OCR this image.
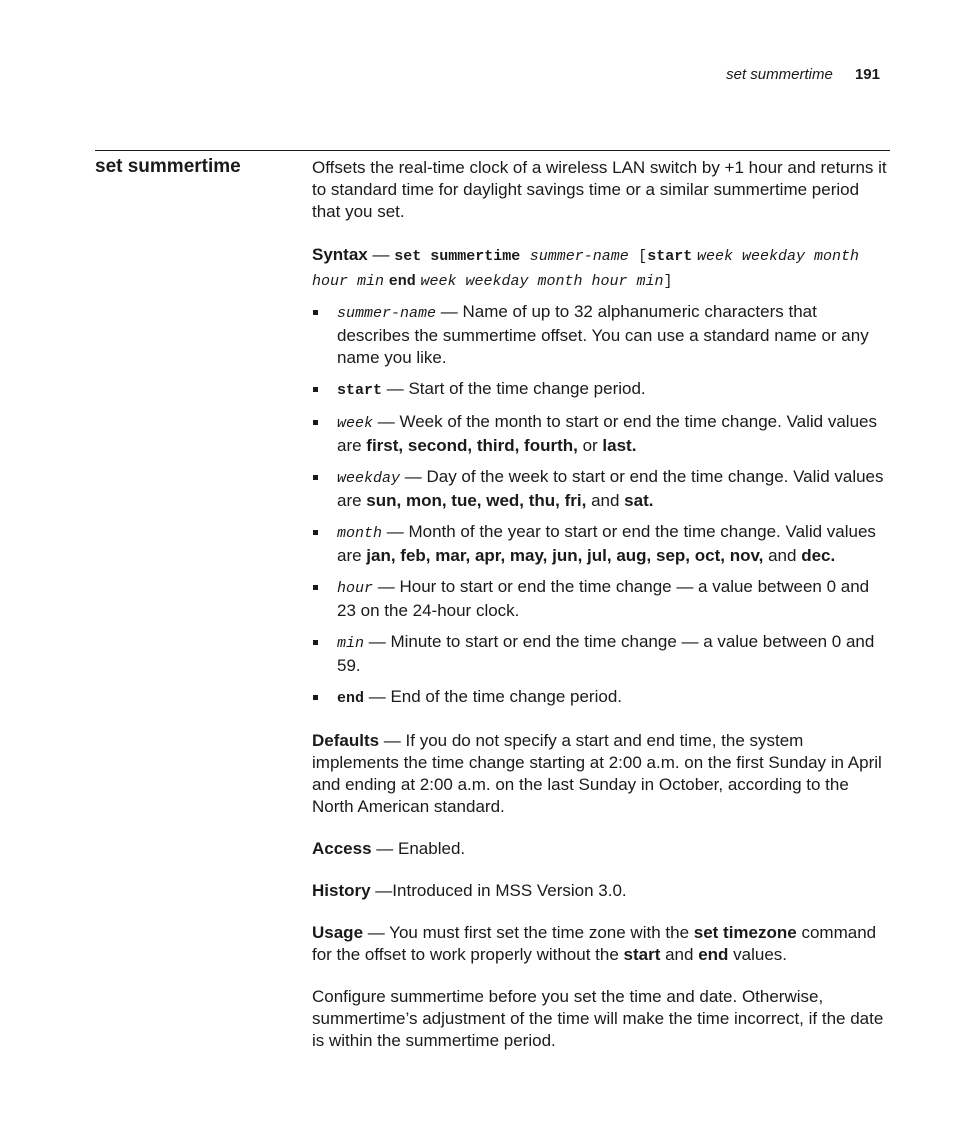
set summertime 191
set summertime	Offsets the real-time clock of a wireless LAN switch by +1 hour and returns it to standard time for daylight savings time or a similar summertime period that you set.

Syntax — set summertime summer-name [start week weekday month hour min end week weekday month hour min]

summer-name — Name of up to 32 alphanumeric characters that describes the summertime offset. You can use a standard name or any name you like.
start — Start of the time change period.
week — Week of the month to start or end the time change. Valid values are first, second, third, fourth, or last.
weekday — Day of the week to start or end the time change. Valid values are sun, mon, tue, wed, thu, fri, and sat.
month — Month of the year to start or end the time change. Valid values are jan, feb, mar, apr, may, jun, jul, aug, sep, oct, nov, and dec.
hour — Hour to start or end the time change — a value between 0 and 23 on the 24-hour clock.
min — Minute to start or end the time change — a value between 0 and 59.
end — End of the time change period.

Defaults — If you do not specify a start and end time, the system implements the time change starting at 2:00 a.m. on the first Sunday in April and ending at 2:00 a.m. on the last Sunday in October, according to the North American standard.

Access — Enabled.

History —Introduced in MSS Version 3.0.

Usage — You must first set the time zone with the set timezone command for the offset to work properly without the start and end values.

Configure summertime before you set the time and date. Otherwise, summertime’s adjustment of the time will make the time incorrect, if the date is within the summertime period.
